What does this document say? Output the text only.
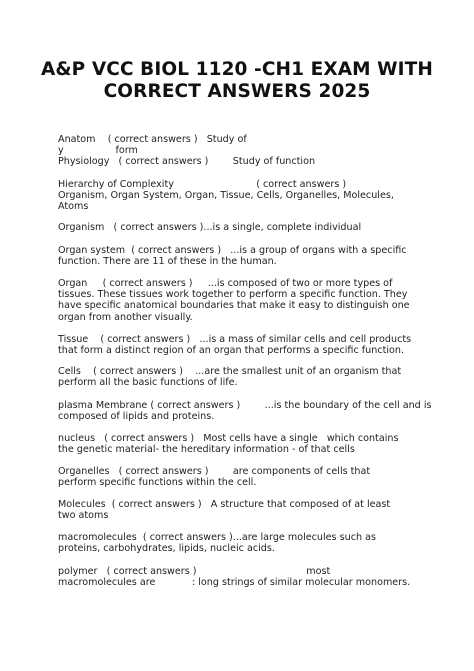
A&P VCC BIOL 1120 -CH1 EXAM WITH
CORRECT ANSWERS 2025
Anatom    ( correct answers )   Study of
y                 form
Physiology   ( correct answers )        Study of function
Hierarchy of Complexity                           ( correct answers )
Organism, Organ System, Organ, Tissue, Cells, Organelles, Molecules,
Atoms
Organism   ( correct answers )...is a single, complete individual
Organ system  ( correct answers )   ...is a group of organs with a specific
function. There are 11 of these in the human.
Organ     ( correct answers )     ...is composed of two or more types of
tissues. These tissues work together to perform a specific function. They
have specific anatomical boundaries that make it easy to distinguish one
organ from another visually.
Tissue    ( correct answers )   ...is a mass of similar cells and cell products
that form a distinct region of an organ that performs a specific function.
Cells    ( correct answers )    ...are the smallest unit of an organism that
perform all the basic functions of life.
plasma Membrane ( correct answers )        ...is the boundary of the cell and is
composed of lipids and proteins.
nucleus   ( correct answers )   Most cells have a single   which contains
the genetic material- the hereditary information - of that cells
Organelles   ( correct answers )        are components of cells that
perform specific functions within the cell.
Molecules  ( correct answers )   A structure that composed of at least
two atoms
macromolecules  ( correct answers )...are large molecules such as
proteins, carbohydrates, lipids, nucleic acids.
polymer   ( correct answers )                                    most
macromolecules are            : long strings of similar molecular monomers.
